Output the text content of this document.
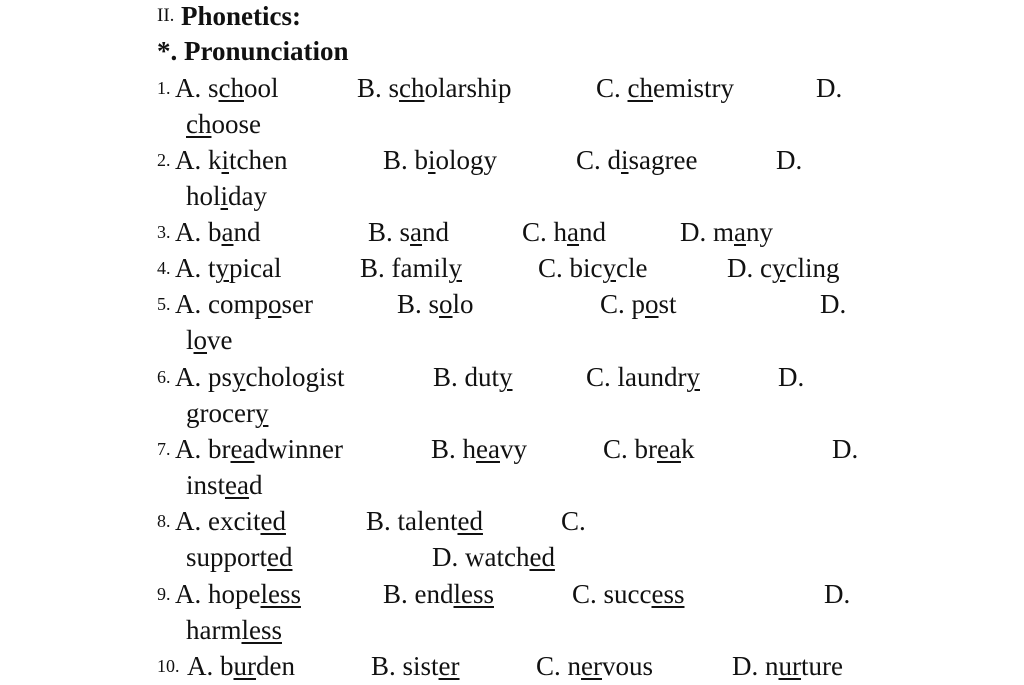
II. Phonetics:
*. Pronunciation
1. A. school	B. scholarship	C. chemistry	D.
choose
2. A. kitchen	B. biology	C. disagree	D.
holiday
3. A. band	B. sand	C. hand	D. many
4. A. typical	B. family	C. bicycle	D. cycling
5. A. composer	B. solo	C. post	D.
love
6. A. psychologist	B. duty	C. laundry	D.
grocery
7. A. breadwinner	B. heavy	C. break	D.
instead
8. A. excited	B. talented	C.
supported	D. watched
9. A. hopeless	B. endless	C. success	D.
harmless
10. A. burden	B. sister	C. nervous	D. nurture
